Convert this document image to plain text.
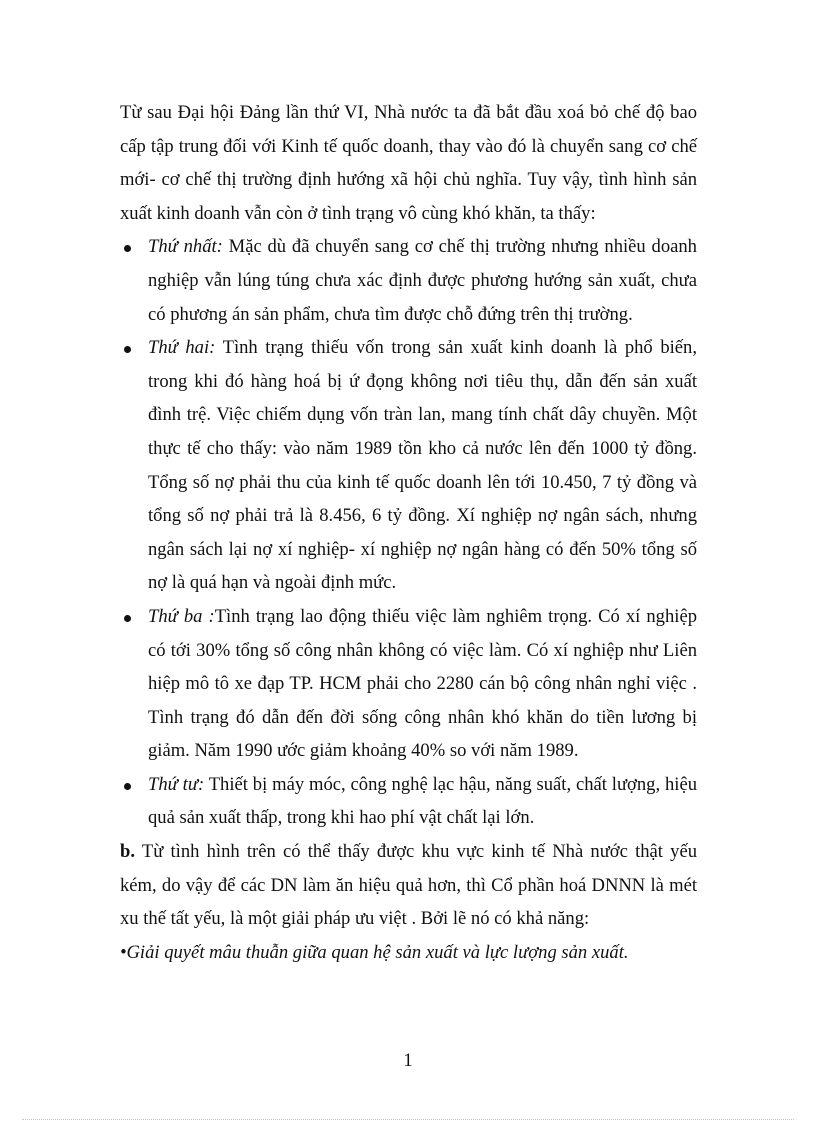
Từ sau Đại hội Đảng lần thứ VI, Nhà nước ta đã bắt đầu xoá bỏ chế độ bao cấp tập trung đối với Kinh tế quốc doanh, thay vào đó là chuyển sang cơ chế mới- cơ chế thị trường định hướng xã hội chủ nghĩa. Tuy vậy, tình hình sản xuất kinh doanh vẫn còn ở tình trạng vô cùng khó khăn, ta thấy:

Thứ nhất: Mặc dù đã chuyển sang cơ chế thị trường nhưng nhiều doanh nghiệp vẫn lúng túng chưa xác định được phương hướng sản xuất, chưa có phương án sản phẩm, chưa tìm được chỗ đứng trên thị trường.
Thứ hai: Tình trạng thiếu vốn trong sản xuất kinh doanh là phổ biến, trong khi đó hàng hoá bị ứ đọng không nơi tiêu thụ, dẫn đến sản xuất đình trệ. Việc chiếm dụng vốn tràn lan, mang tính chất dây chuyền. Một thực tế cho thấy: vào năm 1989 tồn kho cả nước lên đến 1000 tỷ đồng. Tổng số nợ phải thu của kinh tế quốc doanh lên tới 10.450, 7 tỷ đồng và tổng số nợ phải trả là 8.456, 6 tỷ đồng. Xí nghiệp nợ ngân sách, nhưng ngân sách lại nợ xí nghiệp- xí nghiệp nợ ngân hàng có đến 50% tổng số nợ là quá hạn và ngoài định mức.
Thứ ba :Tình trạng lao động thiếu việc làm nghiêm trọng. Có xí nghiệp có tới 30% tổng số công nhân không có việc làm. Có xí nghiệp như Liên hiệp mô tô xe đạp TP. HCM phải cho 2280 cán bộ công nhân nghỉ việc . Tình trạng đó dẫn đến đời sống công nhân khó khăn do tiền lương bị giảm. Năm 1990 ước giảm khoảng 40% so với năm 1989.
Thứ tư: Thiết bị máy móc, công nghệ lạc hậu, năng suất, chất lượng, hiệu quả sản xuất thấp, trong khi hao phí vật chất lại lớn.

b. Từ tình hình trên có thể thấy được khu vực kinh tế Nhà nước thật yếu kém, do vậy để các DN làm ăn hiệu quả hơn, thì Cổ phần hoá DNNN là mét xu thế tất yếu, là một giải pháp ưu việt . Bởi lẽ nó có khả năng:

•Giải quyết mâu thuẫn giữa quan hệ sản xuất và lực lượng sản xuất.

1
